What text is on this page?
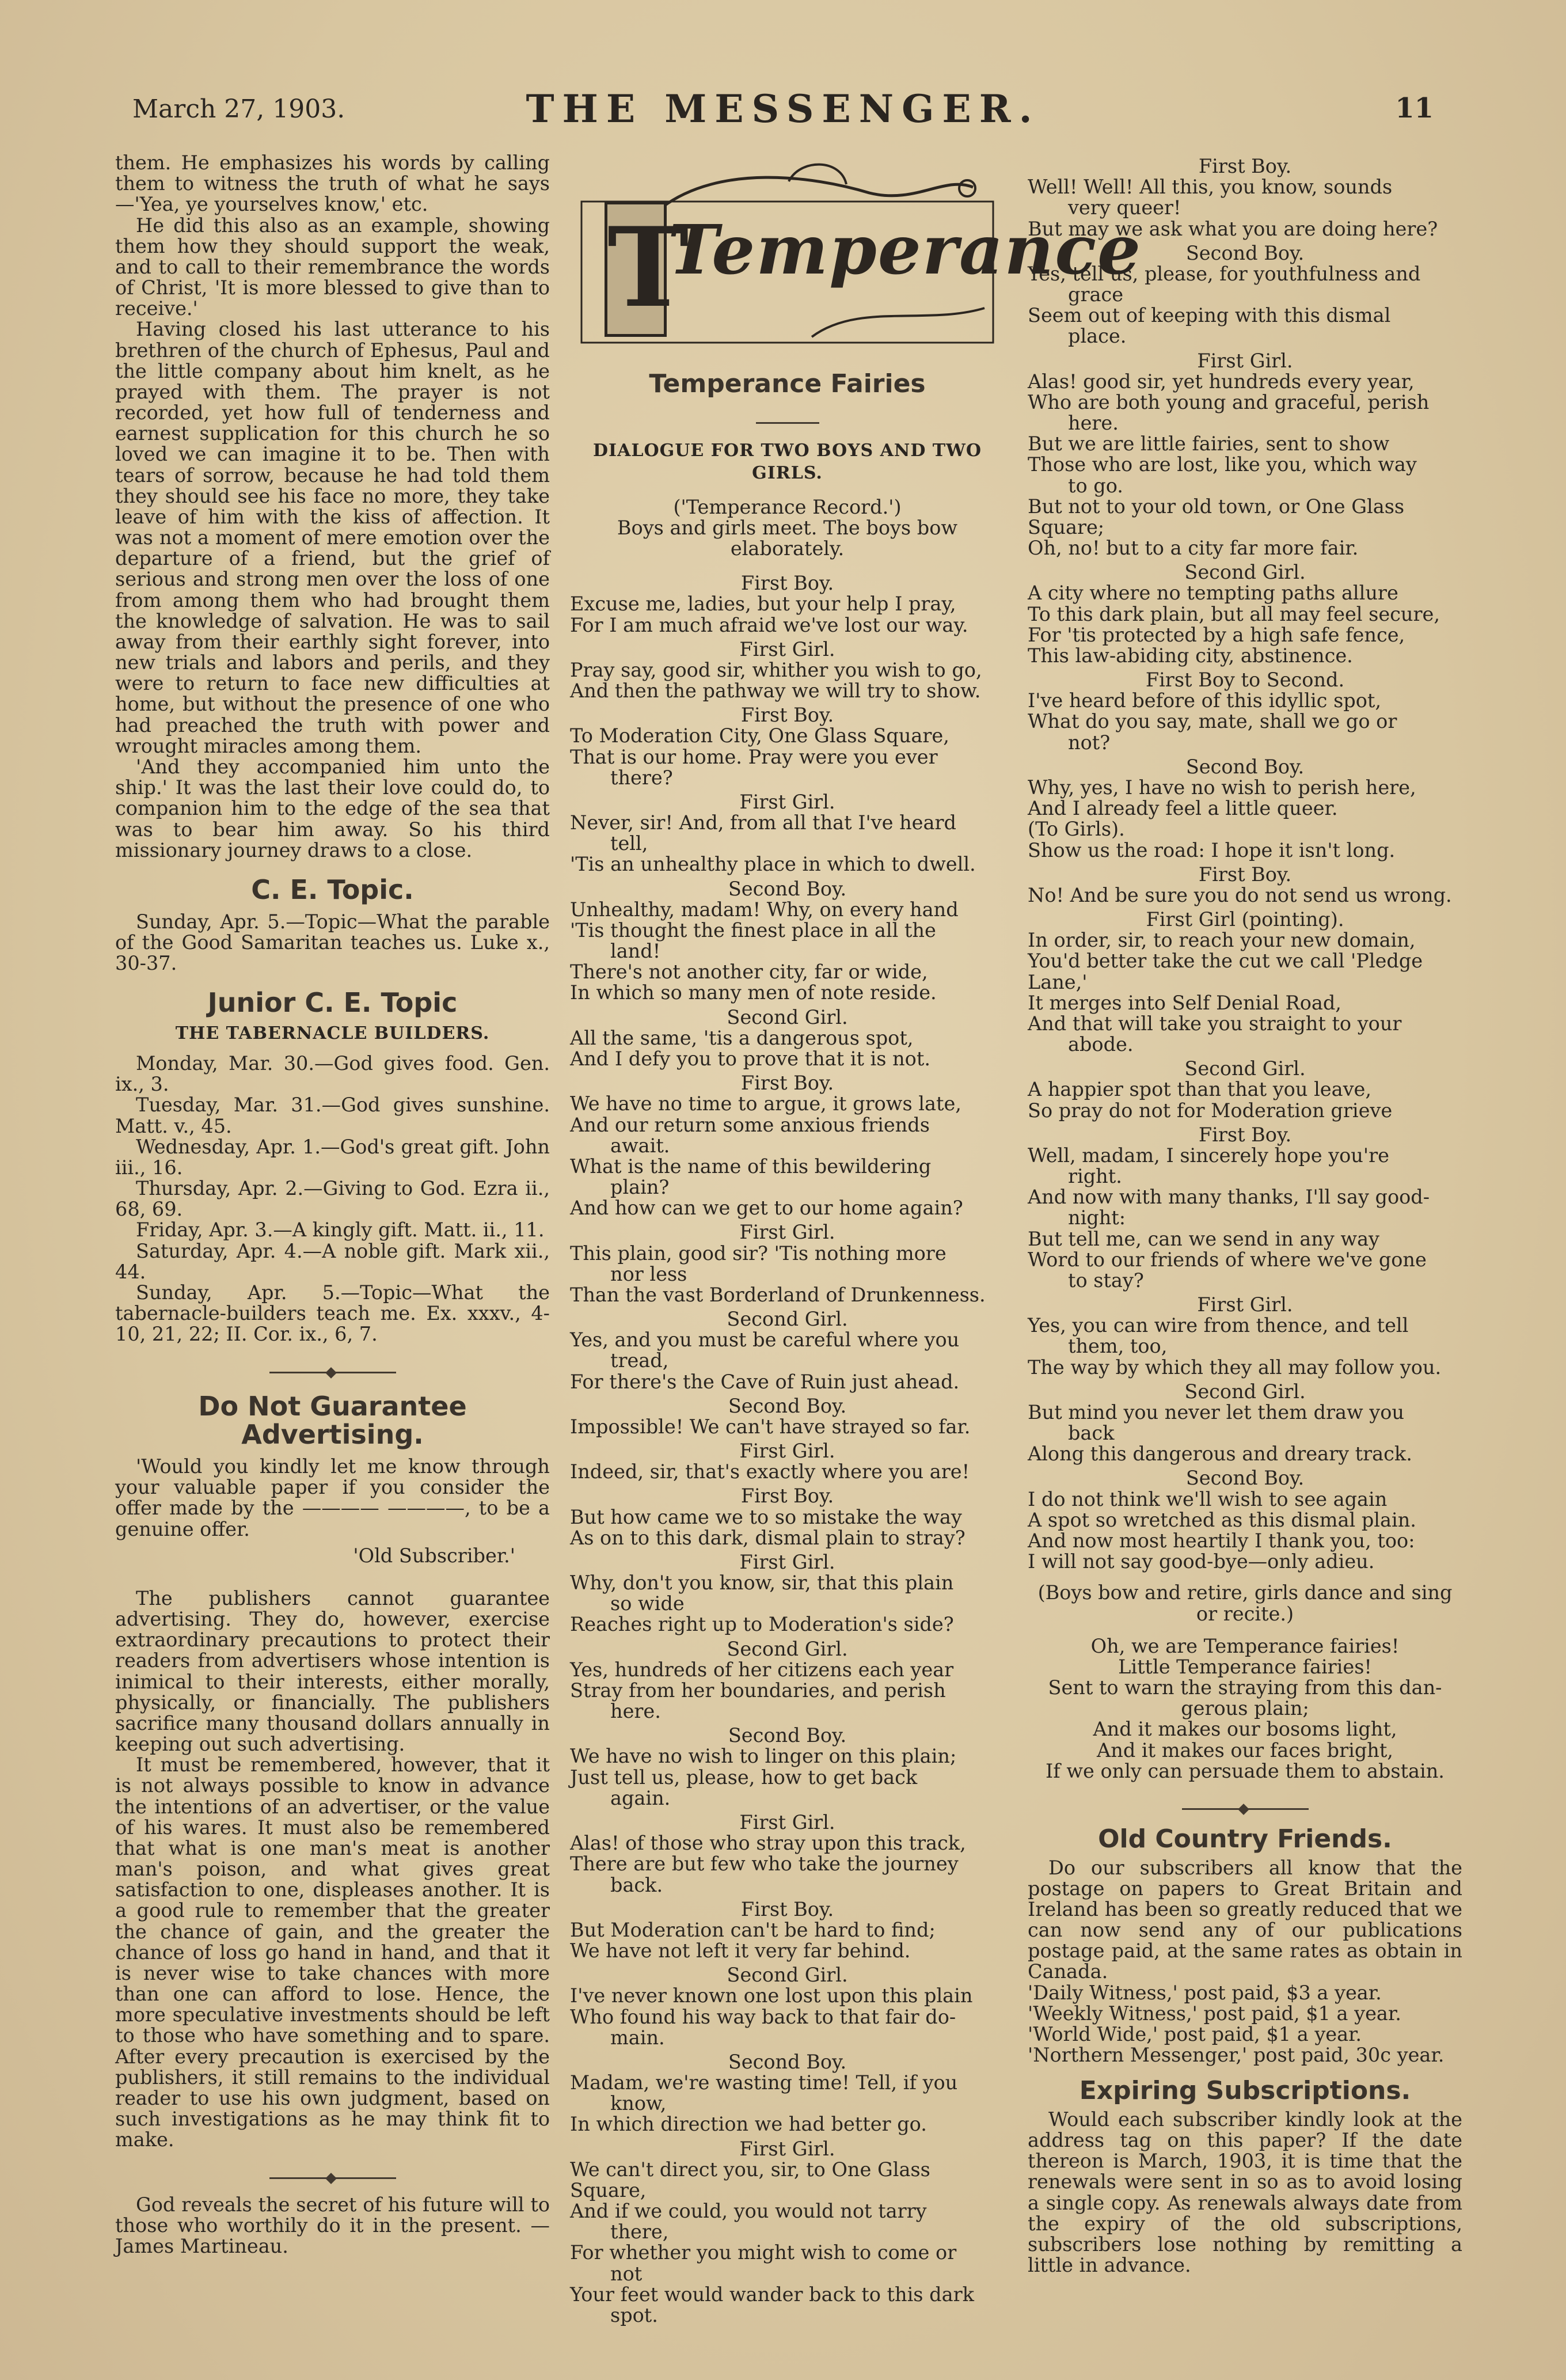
March 27, 1903.	THE MESSENGER.	11

them. He emphasizes his words by calling them to witness the truth of what he says—'Yea, ye yourselves know,' etc.

He did this also as an example, showing them how they should support the weak, and to call to their remembrance the words of Christ, 'It is more blessed to give than to receive.'

Having closed his last utterance to his brethren of the church of Ephesus, Paul and the little company about him knelt, as he prayed with them. The prayer is not recorded, yet how full of tenderness and earnest supplication for this church he so loved we can imagine it to be. Then with tears of sorrow, because he had told them they should see his face no more, they take leave of him with the kiss of affection. It was not a moment of mere emotion over the departure of a friend, but the grief of serious and strong men over the loss of one from among them who had brought them the knowledge of salvation. He was to sail away from their earthly sight forever, into new trials and labors and perils, and they were to return to face new difficulties at home, but without the presence of one who had preached the truth with power and wrought miracles among them.

'And they accompanied him unto the ship.' It was the last their love could do, to companion him to the edge of the sea that was to bear him away. So his third missionary journey draws to a close.

C. E. Topic.

Sunday, Apr. 5.—Topic—What the parable of the Good Samaritan teaches us. Luke x., 30-37.

Junior C. E. Topic
THE TABERNACLE BUILDERS.

Monday, Mar. 30.—God gives food. Gen. ix., 3.

Tuesday, Mar. 31.—God gives sunshine. Matt. v., 45.

Wednesday, Apr. 1.—God's great gift. John iii., 16.

Thursday, Apr. 2.—Giving to God. Ezra ii., 68, 69.

Friday, Apr. 3.—A kingly gift. Matt. ii., 11.

Saturday, Apr. 4.—A noble gift. Mark xii., 44.

Sunday, Apr. 5.—Topic—What the tabernacle-builders teach me. Ex. xxxv., 4-10, 21, 22; II. Cor. ix., 6, 7.

Do Not Guarantee Advertising.

'Would you kindly let me know through your valuable paper if you consider the offer made by the ———— ————, to be a genuine offer.

'Old Subscriber.'

The publishers cannot guarantee advertising. They do, however, exercise extraordinary precautions to protect their readers from advertisers whose intention is inimical to their interests, either morally, physically, or financially. The publishers sacrifice many thousand dollars annually in keeping out such advertising.

It must be remembered, however, that it is not always possible to know in advance the intentions of an advertiser, or the value of his wares. It must also be remembered that what is one man's meat is another man's poison, and what gives great satisfaction to one, displeases another. It is a good rule to remember that the greater the chance of gain, and the greater the chance of loss go hand in hand, and that it is never wise to take chances with more than one can afford to lose. Hence, the more speculative investments should be left to those who have something and to spare. After every precaution is exercised by the publishers, it still remains to the individual reader to use his own judgment, based on such investigations as he may think fit to make.

God reveals the secret of his future will to those who worthily do it in the present. —James Martineau.

T
Temperance
Temperance Fairies
DIALOGUE FOR TWO BOYS AND TWO GIRLS.

('Temperance Record.')

Boys and girls meet. The boys bow elaborately.

First Boy.
Excuse me, ladies, but your help I pray,
For I am much afraid we've lost our way.
First Girl.
Pray say, good sir, whither you wish to go,
And then the pathway we will try to show.
First Boy.
To Moderation City, One Glass Square,
That is our home. Pray were you ever
there?
First Girl.
Never, sir! And, from all that I've heard
tell,
'Tis an unhealthy place in which to dwell.
Second Boy.
Unhealthy, madam! Why, on every hand
'Tis thought the finest place in all the
land!
There's not another city, far or wide,
In which so many men of note reside.
Second Girl.
All the same, 'tis a dangerous spot,
And I defy you to prove that it is not.
First Boy.
We have no time to argue, it grows late,
And our return some anxious friends
await.
What is the name of this bewildering
plain?
And how can we get to our home again?
First Girl.
This plain, good sir? 'Tis nothing more
nor less
Than the vast Borderland of Drunkenness.
Second Girl.
Yes, and you must be careful where you
tread,
For there's the Cave of Ruin just ahead.
Second Boy.
Impossible! We can't have strayed so far.
First Girl.
Indeed, sir, that's exactly where you are!
First Boy.
But how came we to so mistake the way
As on to this dark, dismal plain to stray?
First Girl.
Why, don't you know, sir, that this plain
so wide
Reaches right up to Moderation's side?
Second Girl.
Yes, hundreds of her citizens each year
Stray from her boundaries, and perish
here.
Second Boy.
We have no wish to linger on this plain;
Just tell us, please, how to get back
again.
First Girl.
Alas! of those who stray upon this track,
There are but few who take the journey
back.
First Boy.
But Moderation can't be hard to find;
We have not left it very far behind.
Second Girl.
I've never known one lost upon this plain
Who found his way back to that fair do-
main.
Second Boy.
Madam, we're wasting time! Tell, if you
know,
In which direction we had better go.
First Girl.
We can't direct you, sir, to One Glass
Square,
And if we could, you would not tarry
there,
For whether you might wish to come or
not
Your feet would wander back to this dark
spot.
First Boy.
Well! Well! All this, you know, sounds
very queer!
But may we ask what you are doing here?
Second Boy.
Yes, tell us, please, for youthfulness and
grace
Seem out of keeping with this dismal
place.
First Girl.
Alas! good sir, yet hundreds every year,
Who are both young and graceful, perish
here.
But we are little fairies, sent to show
Those who are lost, like you, which way
to go.
But not to your old town, or One Glass
Square;
Oh, no! but to a city far more fair.
Second Girl.
A city where no tempting paths allure
To this dark plain, but all may feel secure,
For 'tis protected by a high safe fence,
This law-abiding city, abstinence.
First Boy to Second.
I've heard before of this idyllic spot,
What do you say, mate, shall we go or
not?
Second Boy.
Why, yes, I have no wish to perish here,
And I already feel a little queer.
(To Girls).
Show us the road: I hope it isn't long.
First Boy.
No! And be sure you do not send us wrong.
First Girl (pointing).
In order, sir, to reach your new domain,
You'd better take the cut we call 'Pledge
Lane,'
It merges into Self Denial Road,
And that will take you straight to your
abode.
Second Girl.
A happier spot than that you leave,
So pray do not for Moderation grieve
First Boy.
Well, madam, I sincerely hope you're
right.
And now with many thanks, I'll say good-
night:
But tell me, can we send in any way
Word to our friends of where we've gone
to stay?
First Girl.
Yes, you can wire from thence, and tell
them, too,
The way by which they all may follow you.
Second Girl.
But mind you never let them draw you
back
Along this dangerous and dreary track.
Second Boy.
I do not think we'll wish to see again
A spot so wretched as this dismal plain.
And now most heartily I thank you, too:
I will not say good-bye—only adieu.

(Boys bow and retire, girls dance and sing or recite.)

Oh, we are Temperance fairies!
Little Temperance fairies!
Sent to warn the straying from this dan-
gerous plain;
And it makes our bosoms light,
And it makes our faces bright,
If we only can persuade them to abstain.
Old Country Friends.

Do our subscribers all know that the postage on papers to Great Britain and Ireland has been so greatly reduced that we can now send any of our publications postage paid, at the same rates as obtain in Canada.

'Daily Witness,' post paid, $3 a year.

'Weekly Witness,' post paid, $1 a year.

'World Wide,' post paid, $1 a year.

'Northern Messenger,' post paid, 30c year.

Expiring Subscriptions.

Would each subscriber kindly look at the address tag on this paper? If the date thereon is March, 1903, it is time that the renewals were sent in so as to avoid losing a single copy. As renewals always date from the expiry of the old subscriptions, subscribers lose nothing by remitting a little in advance.
